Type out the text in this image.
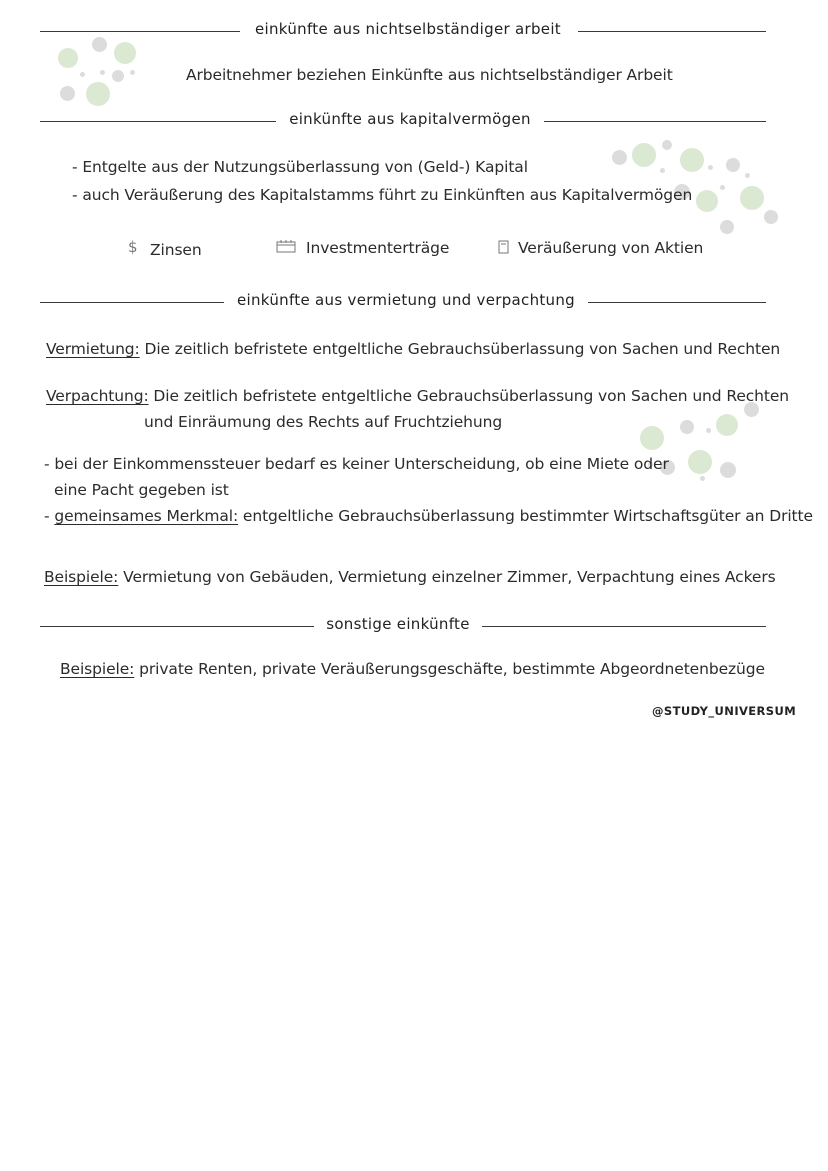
einkünfte aus nichtselbständiger arbeit
Arbeitnehmer beziehen Einkünfte aus nichtselbständiger Arbeit
einkünfte aus kapitalvermögen
- Entgelte aus der Nutzungsüberlassung von (Geld-) Kapital
- auch Veräußerung des Kapitalstamms führt zu Einkünften aus Kapitalvermögen
$ Zinsen	Investmenterträge	Veräußerung von Aktien
einkünfte aus vermietung und verpachtung
Vermietung: Die zeitlich befristete entgeltliche Gebrauchsüberlassung von Sachen und Rechten
Verpachtung: Die zeitlich befristete entgeltliche Gebrauchsüberlassung von Sachen und Rechten
und Einräumung des Rechts auf Fruchtziehung
- bei der Einkommenssteuer bedarf es keiner Unterscheidung, ob eine Miete oder
eine Pacht gegeben ist
- gemeinsames Merkmal: entgeltliche Gebrauchsüberlassung bestimmter Wirtschaftsgüter an Dritte
Beispiele: Vermietung von Gebäuden, Vermietung einzelner Zimmer, Verpachtung eines Ackers
sonstige einkünfte
Beispiele: private Renten, private Veräußerungsgeschäfte, bestimmte Abgeordnetenbezüge
@STUDY_UNIVERSUM
